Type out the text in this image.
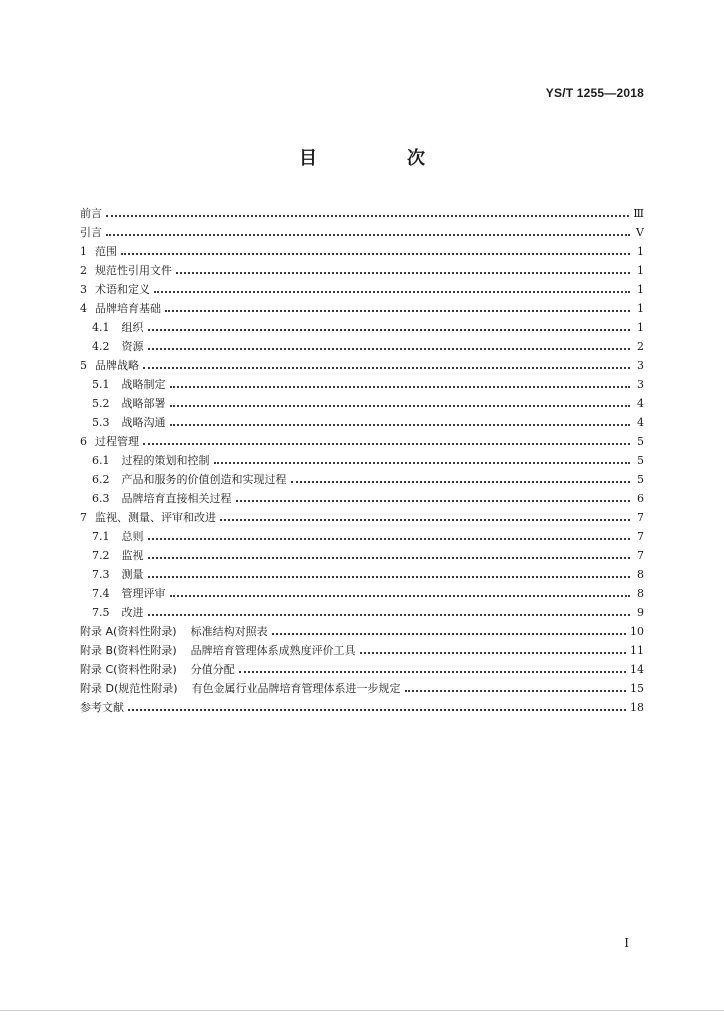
YS/T 1255—2018
目　次
前言	Ⅲ
引言	Ⅴ
1 范围	1
2 规范性引用文件	1
3 术语和定义	1
4 品牌培育基础	1
4.1 组织	1
4.2 资源	2
5 品牌战略	3
5.1 战略制定	3
5.2 战略部署	4
5.3 战略沟通	4
6 过程管理	5
6.1 过程的策划和控制	5
6.2 产品和服务的价值创造和实现过程	5
6.3 品牌培育直接相关过程	6
7 监视、测量、评审和改进	7
7.1 总则	7
7.2 监视	7
7.3 测量	8
7.4 管理评审	8
7.5 改进	9
附录 A(资料性附录) 标准结构对照表	10
附录 B(资料性附录) 品牌培育管理体系成熟度评价工具	11
附录 C(资料性附录) 分值分配	14
附录 D(规范性附录) 有色金属行业品牌培育管理体系进一步规定	15
参考文献	18
I
